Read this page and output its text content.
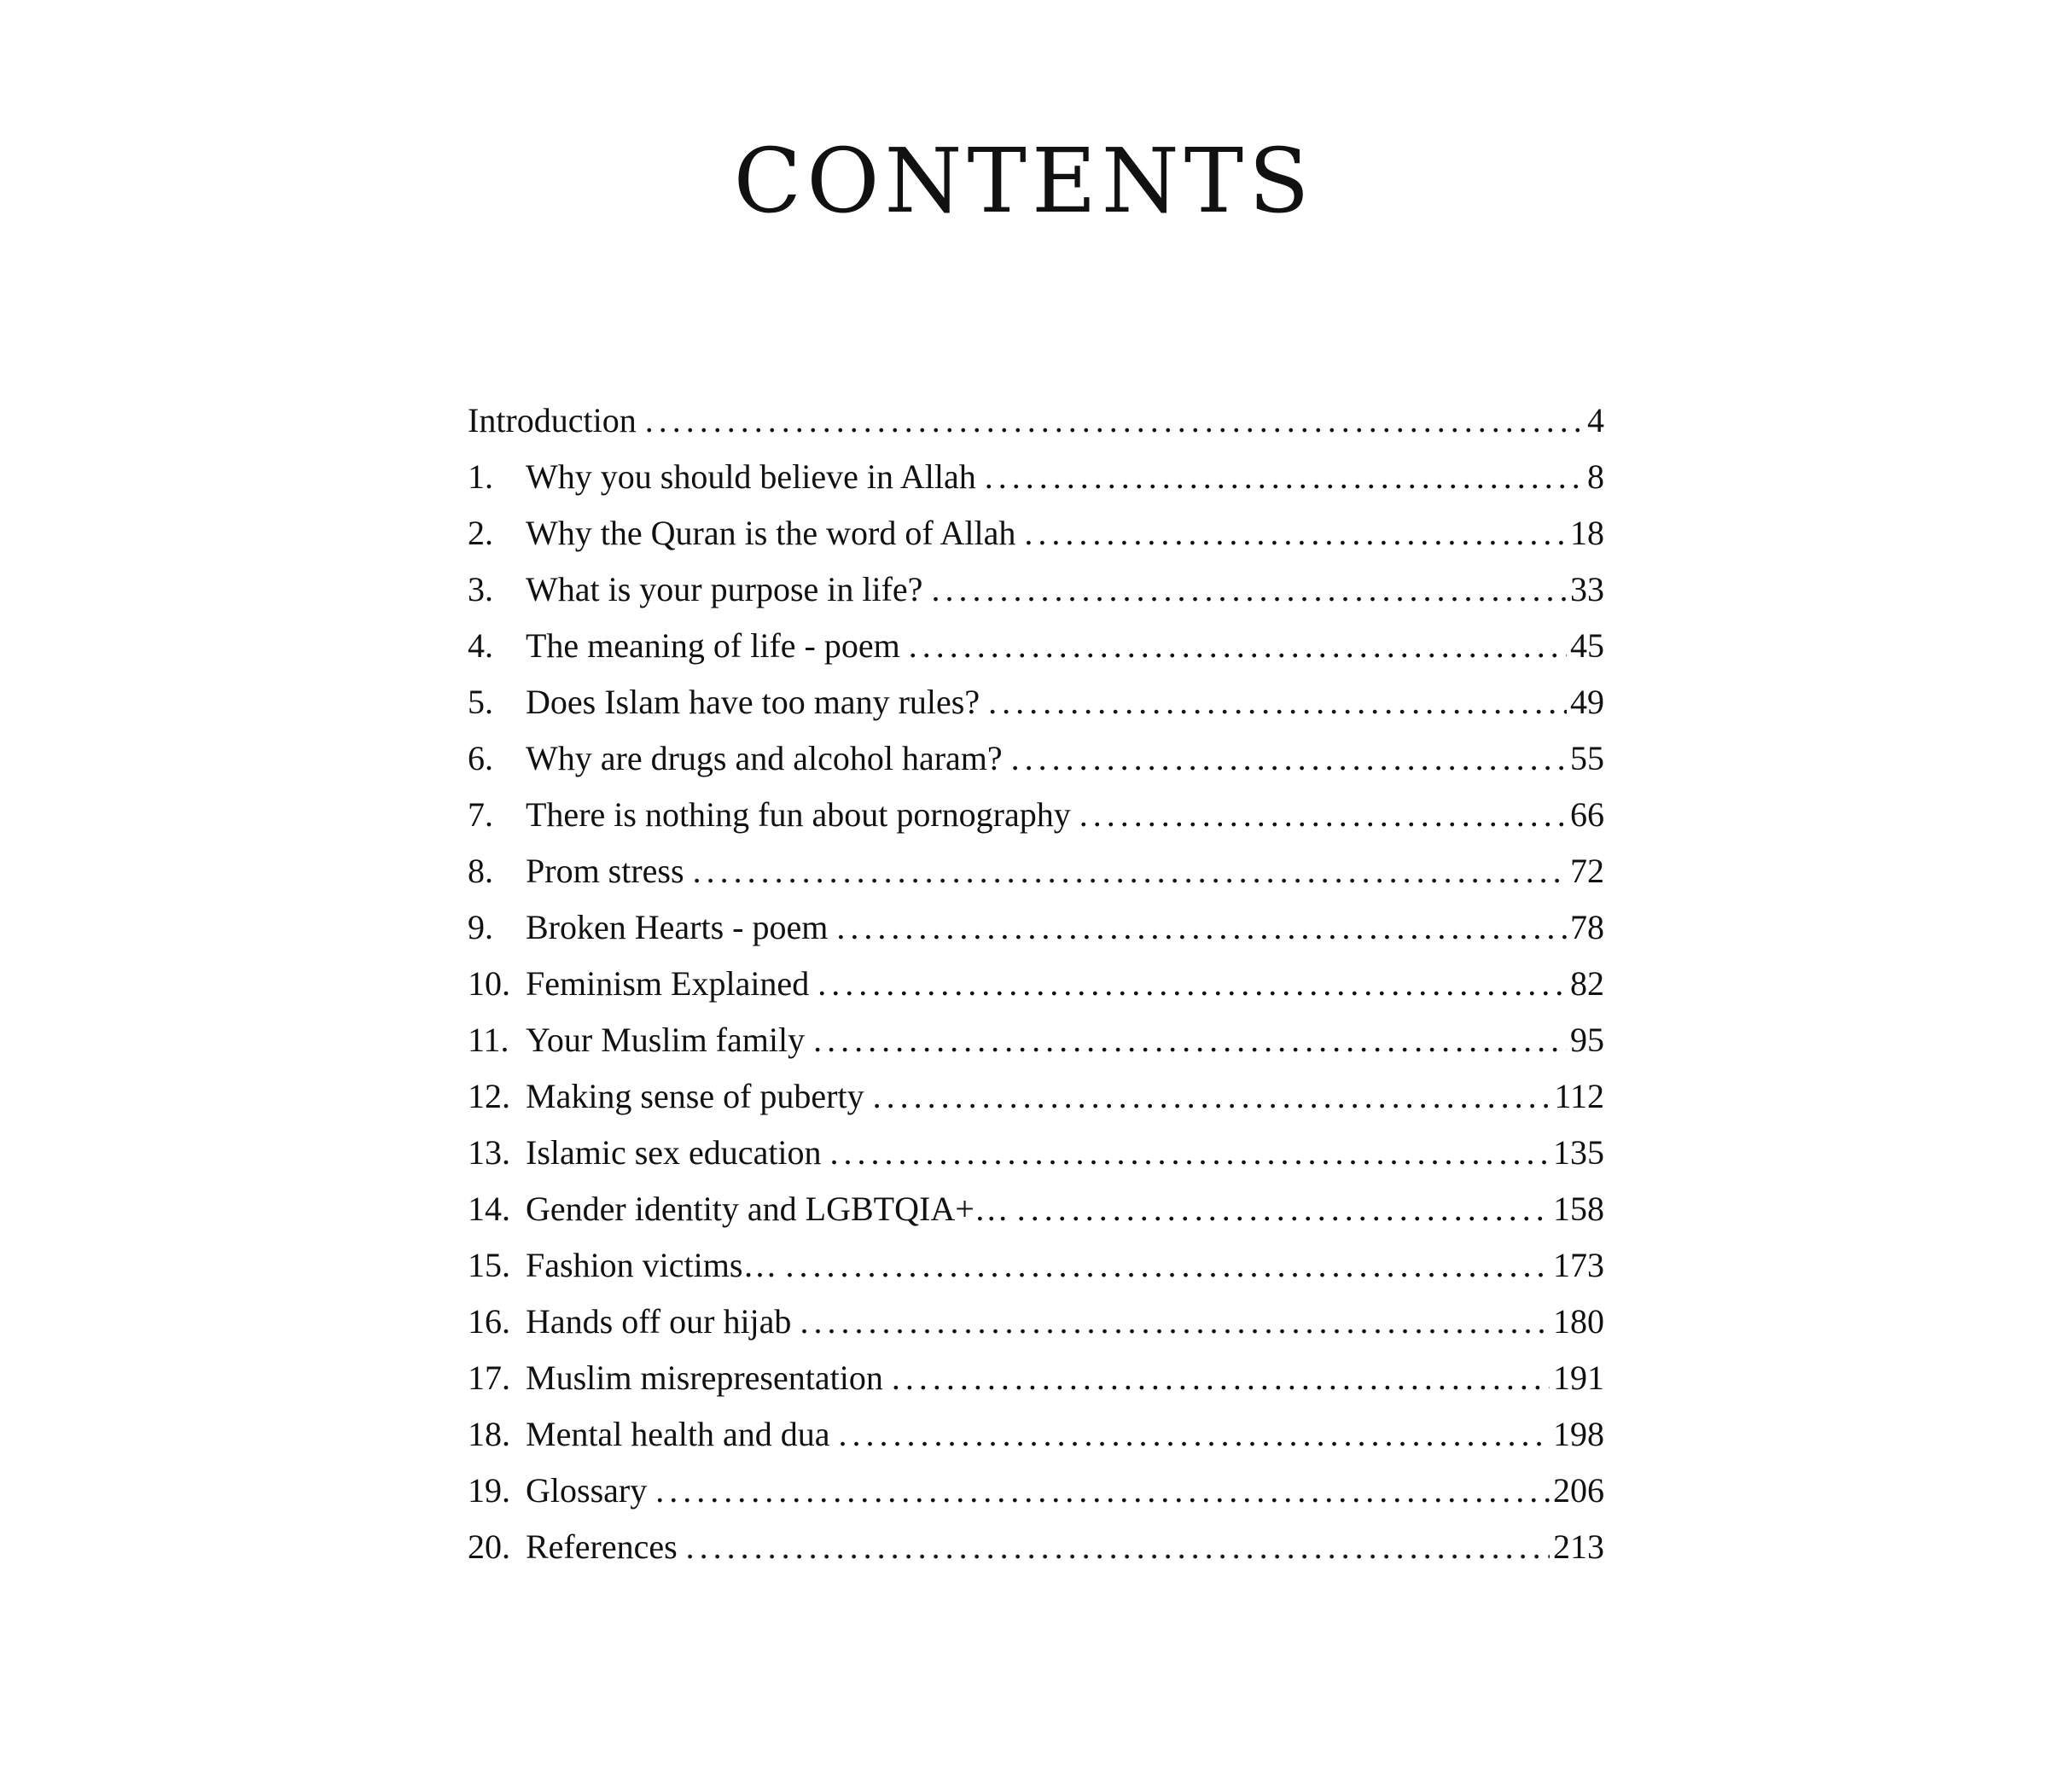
CONTENTS
Introduction . . .	4
1. Why you should believe in Allah . . .	8
2. Why the Quran is the word of Allah . . .	18
3. What is your purpose in life? . . .	33
4. The meaning of life - poem . . .	45
5. Does Islam have too many rules? . . .	49
6. Why are drugs and alcohol haram? . . .	55
7. There is nothing fun about pornography . . .	66
8. Prom stress . . .	72
9. Broken Hearts - poem . . .	78
10. Feminism Explained . . .	82
11. Your Muslim family . . .	95
12. Making sense of puberty . . .	112
13. Islamic sex education . . .	135
14. Gender identity and LGBTQIA+… . . .	158
15. Fashion victims… . . .	173
16. Hands off our hijab . . .	180
17. Muslim misrepresentation . . .	191
18. Mental health and dua . . .	198
19. Glossary . . .	206
20. References . . .	213
